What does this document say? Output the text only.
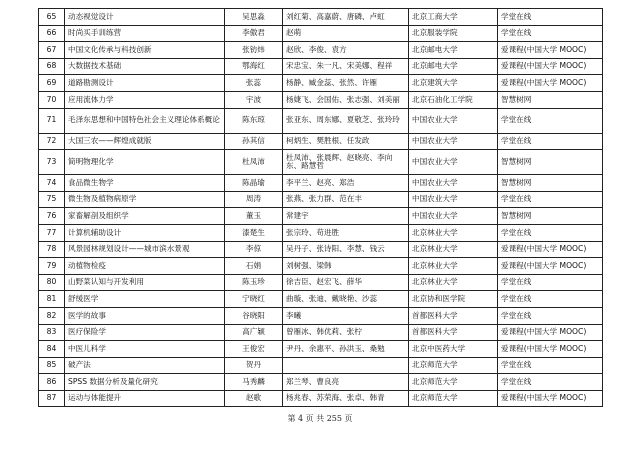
65	动态视觉设计	吴思淼	刘红菊、高嘉蔚、唐磷、卢虹	北京工商大学	学堂在线
66	时尚买手训练营	李傲君	赵萌	北京服装学院	学堂在线
67	中国文化传承与科技创新	张钫炜	赵欣、李俊、袁方	北京邮电大学	爱课程(中国大学 MOOC)
68	大数据技术基础	鄂海红	宋忠宝、朱一凡、宋美娜、程祥	北京邮电大学	爱课程(中国大学 MOOC)
69	道路勘测设计	张蕊	杨静、臧金蕊、张然、许雁	北京建筑大学	爱课程(中国大学 MOOC)
70	应用流体力学	宇波	杨婕飞、会国佑、张志强、刘美丽	北京石油化工学院	智慧树网
71	毛泽东思想和中国特色社会主义理论体系概论	陈东琼	张亚东、周东娜、夏敬芝、张玲玲	中国农业大学	学堂在线
72	大国三农——辉煌成就版	孙其信	柯炳生、樊胜根、任发政	中国农业大学	学堂在线
73	简明物理化学	杜凤沛	杜凤沛、张晨辉、赵晓亮、李向东、路慧哲	中国农业大学	智慧树网
74	食品微生物学	陈晶瑜	李平兰、赵亮、郑浩	中国农业大学	智慧树网
75	微生物及植物病原学	周涛	张燕、张力群、范在丰	中国农业大学	学堂在线
76	家畜解剖及组织学	董玉	常建宇	中国农业大学	智慧树网
77	计算机辅助设计	漆楚生	张宗玲、苟进胜	北京林业大学	学堂在线
78	风景园林规划设计——城市滨水景观	李倞	吴丹子、张诗阳、李慧、钱云	北京林业大学	爱课程(中国大学 MOOC)
79	动植物检疫	石娟	刘树强、梁韩	北京林业大学	爱课程(中国大学 MOOC)
80	山野菜认知与开发利用	陈玉珍	徐吉臣、赵宏飞、薛华	北京林业大学	学堂在线
81	舒缓医学	宁晓红	曲璇、张迪、戴晓艳、沙蕊	北京协和医学院	学堂在线
82	医学的故事	谷晓阳	李曦	首都医科大学	学堂在线
83	医疗保险学	高广颖	曾雁冰、韩优莉、张柠	首都医科大学	爱课程(中国大学 MOOC)
84	中医儿科学	王俊宏	尹丹、余惠平、孙洪玉、桑勉	北京中医药大学	爱课程(中国大学 MOOC)
85	破产法	贺丹		北京师范大学	学堂在线
86	SPSS 数据分析及量化研究	马秀麟	郑兰琴、曹良亮	北京师范大学	学堂在线
87	运动与体能提升	赵歌	杨兆春、苏荣海、张卓、韩青	北京师范大学	爱课程(中国大学 MOOC)
第 4 页 共 255 页
